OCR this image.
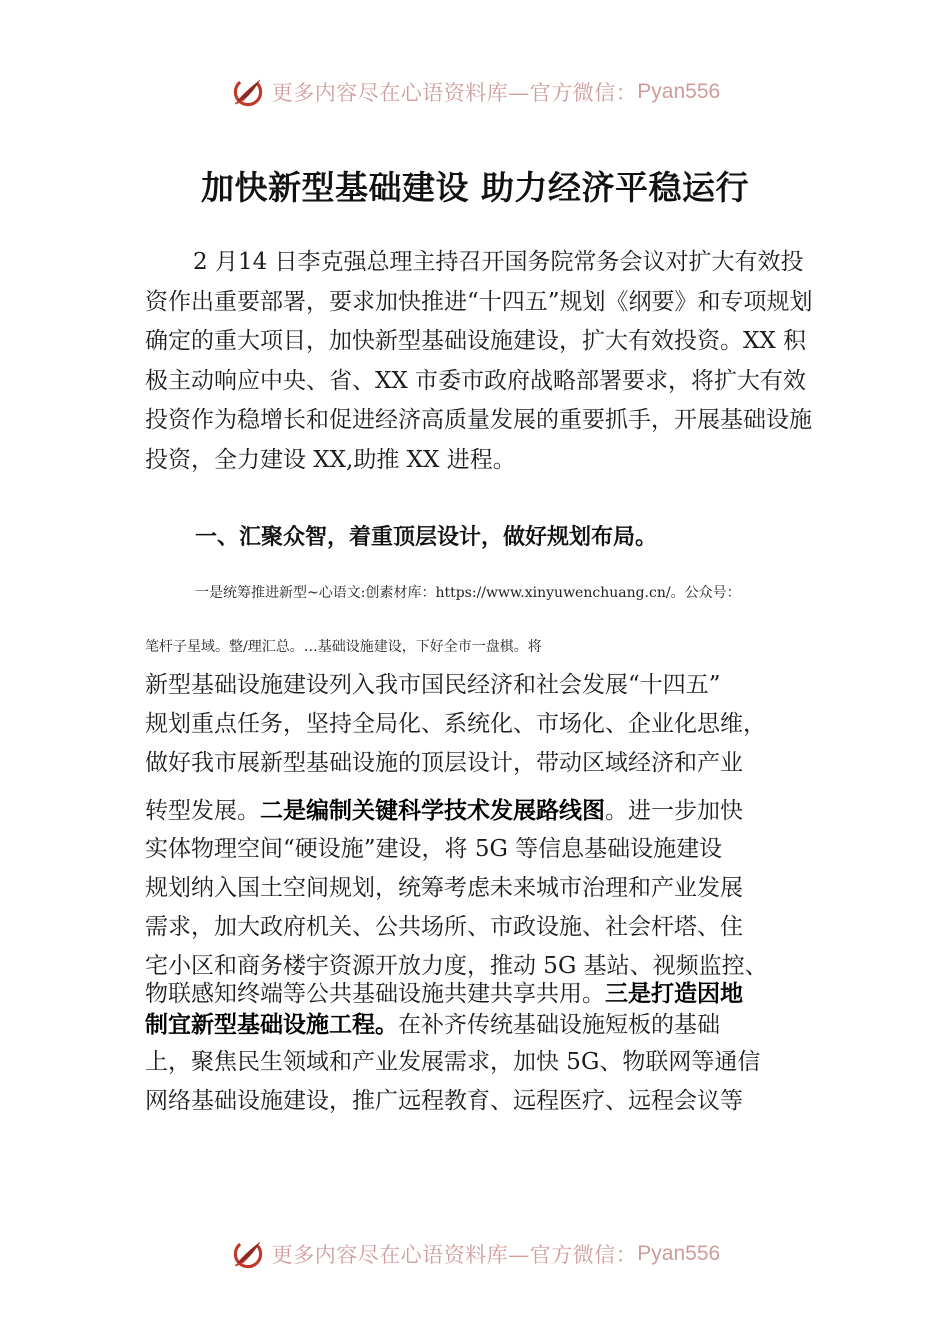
更多内容尽在心语资料库—官方微信： Pyan556
加快新型基础建设 助力经济平稳运行
2 月14 日李克强总理主持召开国务院常务会议对扩大有效投资作出重要部署，要求加快推进“十四五”规划《纲要》和专项规划确定的重大项目，加快新型基础设施建设，扩大有效投资。XX 积极主动响应中央、省、XX 市委市政府战略部署要求，将扩大有效投资作为稳增长和促进经济高质量发展的重要抓手，开展基础设施投资，全力建设 XX,助推 XX 进程。
一、汇聚众智，着重顶层设计，做好规划布局。
一是统筹推进新型~心语文:创素材库：https://www.xinyuwenchuang.cn/。公众号：
笔杆子星域。整/理汇总。…基础设施建设，下好全市一盘棋。将
新型基础设施建设列入我市国民经济和社会发展“十四五”
规划重点任务，坚持全局化、系统化、市场化、企业化思维，
做好我市展新型基础设施的顶层设计，带动区域经济和产业
转型发展。二是编制关键科学技术发展路线图。进一步加快
实体物理空间“硬设施”建设，将 5G 等信息基础设施建设
规划纳入国土空间规划，统筹考虑未来城市治理和产业发展
需求，加大政府机关、公共场所、市政设施、社会杆塔、住
宅小区和商务楼宇资源开放力度，推动 5G 基站、视频监控、
物联感知终端等公共基础设施共建共享共用。三是打造因地
制宜新型基础设施工程。在补齐传统基础设施短板的基础
上，聚焦民生领域和产业发展需求，加快 5G、物联网等通信
网络基础设施建设，推广远程教育、远程医疗、远程会议等
更多内容尽在心语资料库—官方微信： Pyan556
